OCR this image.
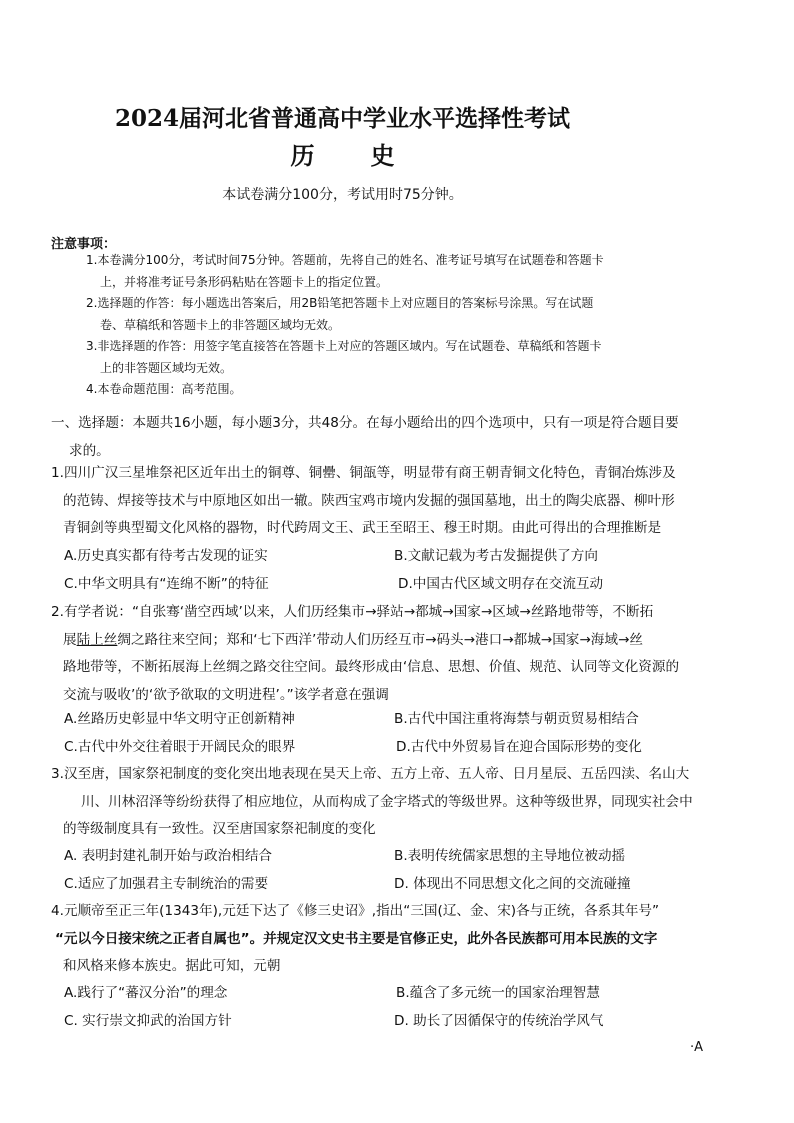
2024届河北省普通高中学业水平选择性考试
历 史
本试卷满分100分，考试用时75分钟。
注意事项：
1.本卷满分100分，考试时间75分钟。答题前，先将自己的姓名、准考证号填写在试题卷和答题卡
上，并将准考证号条形码粘贴在答题卡上的指定位置。
2.选择题的作答：每小题选出答案后，用2B铅笔把答题卡上对应题目的答案标号涂黑。写在试题
卷、草稿纸和答题卡上的非答题区域均无效。
3.非选择题的作答：用签字笔直接答在答题卡上对应的答题区域内。写在试题卷、草稿纸和答题卡
上的非答题区域均无效。
4.本卷命题范围：高考范围。
一、选择题：本题共16小题，每小题3分，共48分。在每小题给出的四个选项中，只有一项是符合题目要
求的。
1.四川广汉三星堆祭祀区近年出土的铜尊、铜罍、铜瓿等，明显带有商王朝青铜文化特色，青铜冶炼涉及
的范铸、焊接等技术与中原地区如出一辙。陕西宝鸡市境内发掘的强国墓地，出土的陶尖底器、柳叶形
青铜剑等典型蜀文化风格的器物，时代跨周文王、武王至昭王、穆王时期。由此可得出的合理推断是
A.历史真实都有待考古发现的证实	B.文献记载为考古发掘提供了方向
C.中华文明具有“连绵不断”的特征	D.中国古代区域文明存在交流互动
2.有学者说：“自张骞‘凿空西域’以来，人们历经集市→驿站→都城→国家→区域→丝路地带等，不断拓
展陆上丝绸之路往来空间；郑和‘七下西洋’带动人们历经互市→码头→港口→都城→国家→海域→丝
路地带等，不断拓展海上丝绸之路交往空间。最终形成由‘信息、思想、价值、规范、认同等文化资源的
交流与吸收’的‘欲予欲取的文明进程’。”该学者意在强调
A.丝路历史彰显中华文明守正创新精神	B.古代中国注重将海禁与朝贡贸易相结合
C.古代中外交往着眼于开阔民众的眼界	D.古代中外贸易旨在迎合国际形势的变化
3.汉至唐，国家祭祀制度的变化突出地表现在昊天上帝、五方上帝、五人帝、日月星辰、五岳四渎、名山大
川、川林沼泽等纷纷获得了相应地位，从而构成了金字塔式的等级世界。这种等级世界，同现实社会中
的等级制度具有一致性。汉至唐国家祭祀制度的变化
A. 表明封建礼制开始与政治相结合	B.表明传统儒家思想的主导地位被动摇
C.适应了加强君主专制统治的需要	D. 体现出不同思想文化之间的交流碰撞
4.元顺帝至正三年(1343年),元廷下达了《修三史诏》,指出“三国(辽、金、宋)各与正统，各系其年号”
“元以今日接宋统之正者自属也”。并规定汉文史书主要是官修正史，此外各民族都可用本民族的文字
和风格来修本族史。据此可知，元朝
A.践行了“蕃汉分治”的理念	B.蕴含了多元统一的国家治理智慧
C. 实行崇文抑武的治国方针	D. 助长了因循保守的传统治学风气
·A
